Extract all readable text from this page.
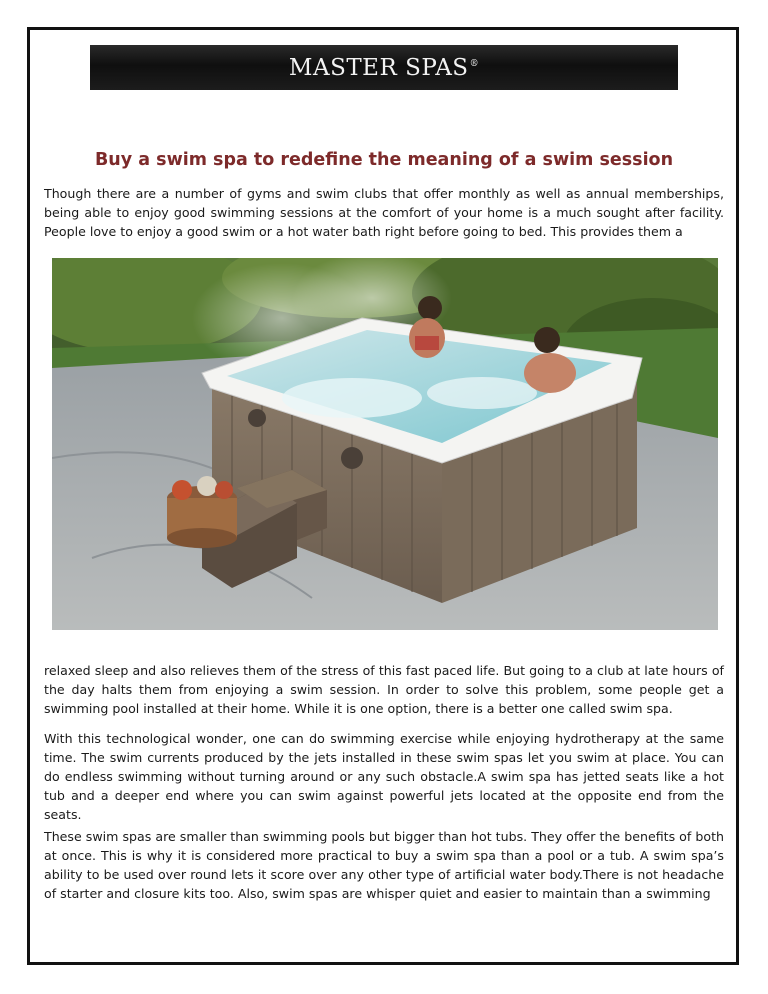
MASTER SPAS®
Buy a swim spa to redefine the meaning of a swim session

Though there are a number of gyms and swim clubs that offer monthly as well as annual memberships, being able to enjoy good swimming sessions at the comfort of your home is a much sought after facility. People love to enjoy a good swim or a hot water bath right before going to bed. This provides them a

relaxed sleep and also relieves them of the stress of this fast paced life. But going to a club at late hours of the day halts them from enjoying a swim session. In order to solve this problem, some people get a swimming pool installed at their home. While it is one option, there is a better one called swim spa.

With this technological wonder, one can do swimming exercise while enjoying hydrotherapy at the same time. The swim currents produced by the jets installed in these swim spas let you swim at place. You can do endless swimming without turning around or any such obstacle.A swim spa has jetted seats like a hot tub and a deeper end where you can swim against powerful jets located at the opposite end from the seats.

These swim spas are smaller than swimming pools but bigger than hot tubs. They offer the benefits of both at once. This is why it is considered more practical to buy a swim spa than a pool or a tub. A swim spa’s ability to be used over round lets it score over any other type of artificial water body.There is not headache of starter and closure kits too. Also, swim spas are whisper quiet and easier to maintain than a swimming
